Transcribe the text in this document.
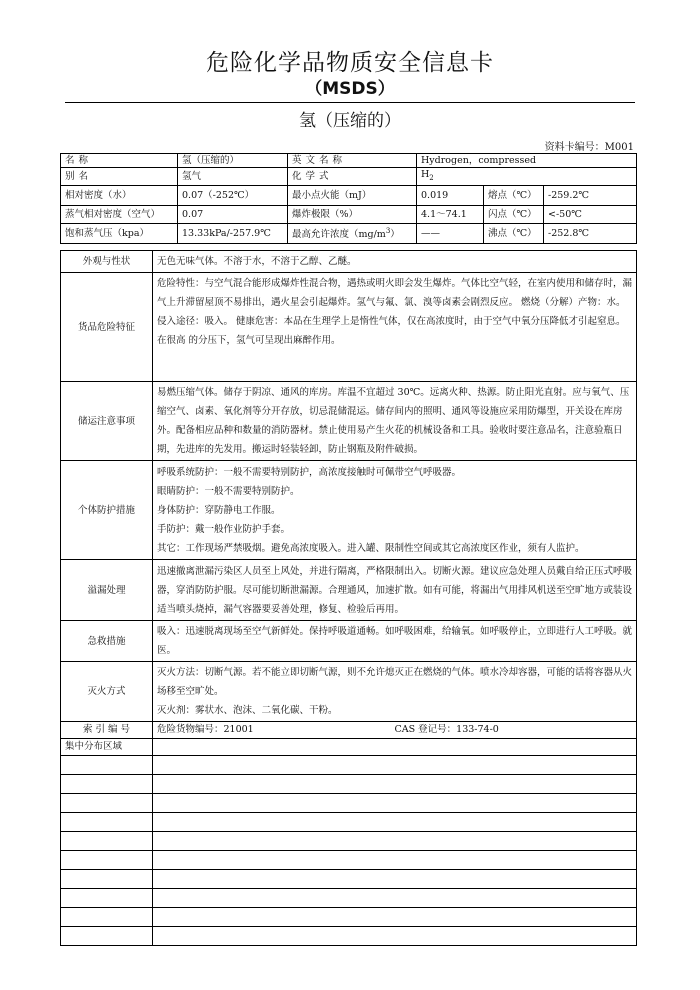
危险化学品物质安全信息卡
（MSDS）
氢（压缩的）
资料卡编号：M001
名 称	氢（压缩的）	英 文 名 称	Hydrogen，compressed		
别 名	氢气	化 学 式	$H_2$
相对密度（水）	0.07（-252℃）	最小点火能（mJ）	0.019	熔点（℃）	-259.2℃
蒸气相对密度（空气）	0.07	爆炸极限（%）	4.1～74.1	闪点（℃）	<-50℃
饱和蒸气压（kpa）	13.33kPa/-257.9℃	最高允许浓度$(mg/m^3)$	——	沸点（℃）	-252.8℃
外观与性状	无色无味气体。不溶于水，不溶于乙醇、乙醚。
货品危险特征	危险特性：与空气混合能形成爆炸性混合物，遇热或明火即会发生爆炸。气体比空气轻，在室内使用和储存时，漏气上升滞留屋顶不易排出，遇火星会引起爆炸。氢气与氟、氯、溴等卤素会剧烈反应。 燃烧（分解）产物：水。

侵入途径：吸入。 健康危害：本品在生理学上是惰性气体，仅在高浓度时，由于空气中氧分压降低才引起窒息。在很高 的分压下，氢气可呈现出麻醉作用。

储运注意事项	易燃压缩气体。储存于阴凉、通风的库房。库温不宜超过 30℃。远离火种、热源。防止阳光直射。应与氧气、压缩空气、卤素、氧化剂等分开存放，切忌混储混运。储存间内的照明、通风等设施应采用防爆型，开关设在库房外。配备相应品种和数量的消防器材。禁止使用易产生火花的机械设备和工具。验收时要注意品名，注意验瓶日期，先进库的先发用。搬运时轻装轻卸，防止钢瓶及附件破损。
个体防护措施	呼吸系统防护：一般不需要特别防护，高浓度接触时可佩带空气呼吸器。

眼睛防护：一般不需要特别防护。

身体防护：穿防静电工作服。

手防护：戴一般作业防护手套。

其它：工作现场严禁吸烟。避免高浓度吸入。进入罐、限制性空间或其它高浓度区作业，须有人监护。

溢漏处理	迅速撤离泄漏污染区人员至上风处，并进行隔离，严格限制出入。切断火源。建议应急处理人员戴自给正压式呼吸器，穿消防防护服。尽可能切断泄漏源。合理通风，加速扩散。如有可能，将漏出气用排风机送至空旷地方或装设适当喷头烧掉，漏气容器要妥善处理，修复、检验后再用。
急救措施	吸入：迅速脱离现场至空气新鲜处。保持呼吸道通畅。如呼吸困难，给输氧。如呼吸停止，立即进行人工呼吸。就医。
灭火方式	灭火方法：切断气源。若不能立即切断气源，则不允许熄灭正在燃烧的气体。喷水冷却容器，可能的话将容器从火场移至空旷处。

灭火剂：雾状水、泡沫、二氧化碳、干粉。

索 引 编 号	危险货物编号：21001 CAS 登记号：133-74-0

集中分布区域	
